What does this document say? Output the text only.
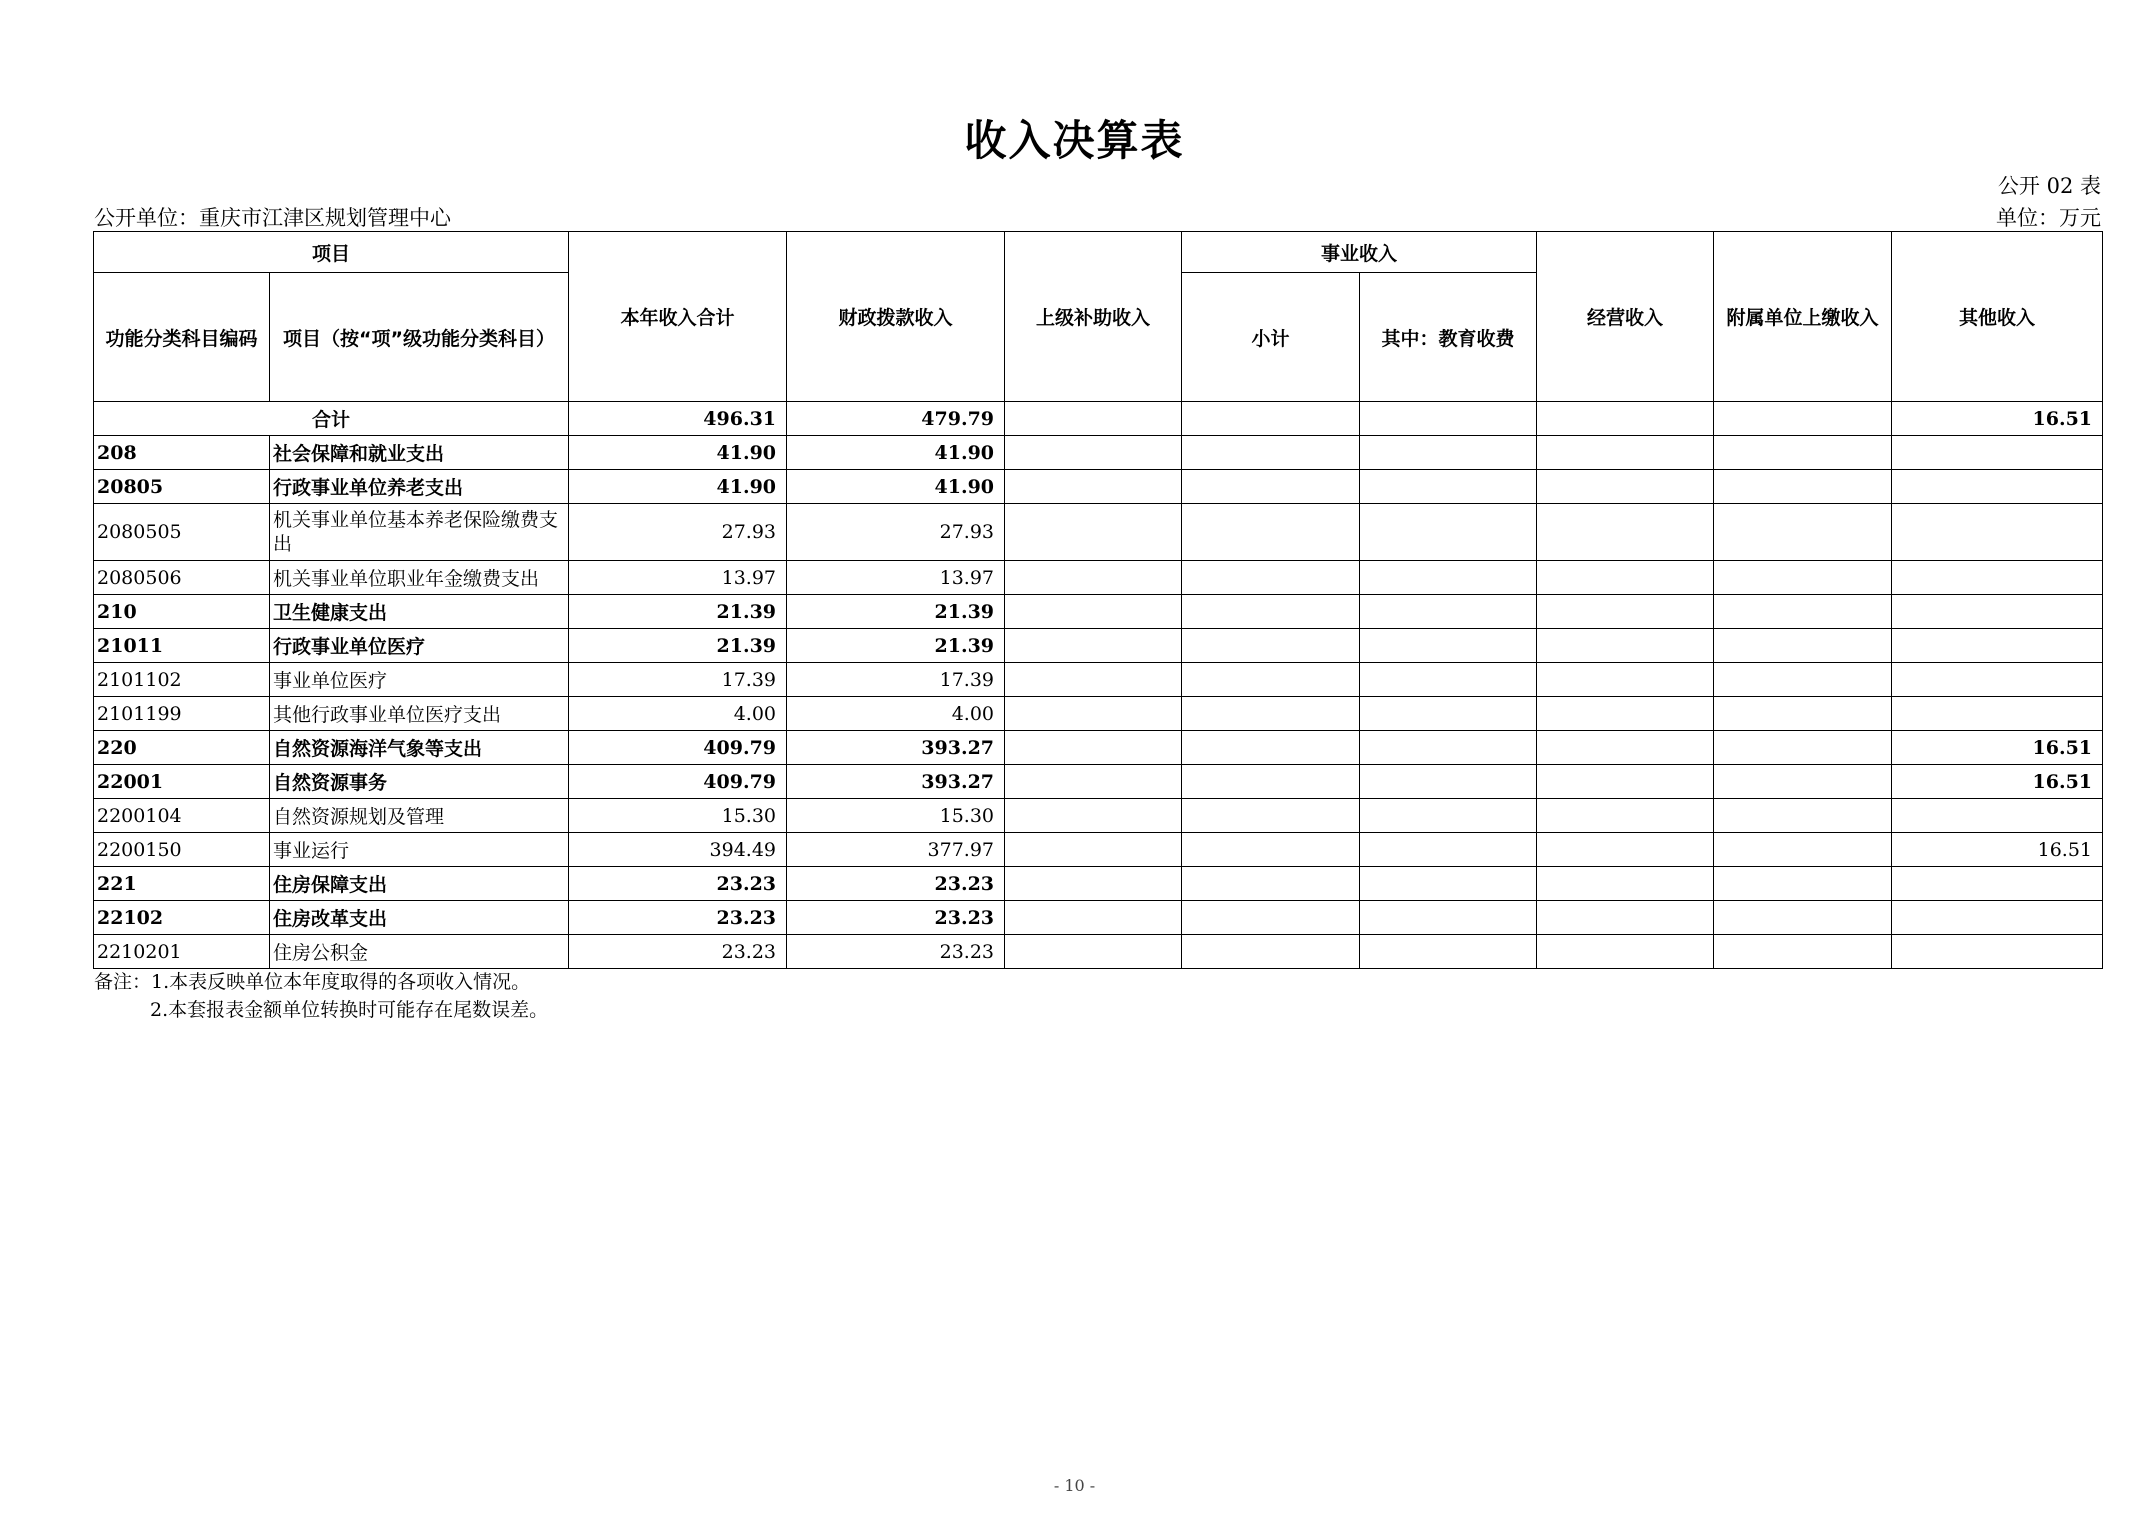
收入决算表
公开 02 表
公开单位：重庆市江津区规划管理中心	单位：万元
项目		本年收入合计	财政拨款收入	上级补助收入	事业收入		经营收入	附属单位上缴收入	其他收入
功能分类科目编码	项目（按“项”级功能分类科目）				小计	其中：教育收费			
合计		496.31	479.79						16.51
208	社会保障和就业支出	41.90	41.90						
20805	行政事业单位养老支出	41.90	41.90						
2080505	机关事业单位基本养老保险缴费支出	27.93	27.93						
2080506	机关事业单位职业年金缴费支出	13.97	13.97						
210	卫生健康支出	21.39	21.39						
21011	行政事业单位医疗	21.39	21.39						
2101102	事业单位医疗	17.39	17.39						
2101199	其他行政事业单位医疗支出	4.00	4.00						
220	自然资源海洋气象等支出	409.79	393.27						16.51
22001	自然资源事务	409.79	393.27						16.51
2200104	自然资源规划及管理	15.30	15.30						
2200150	事业运行	394.49	377.97						16.51
221	住房保障支出	23.23	23.23						
22102	住房改革支出	23.23	23.23						
2210201	住房公积金	23.23	23.23						
备注：1.本表反映单位本年度取得的各项收入情况。
2.本套报表金额单位转换时可能存在尾数误差。
- 10 -
